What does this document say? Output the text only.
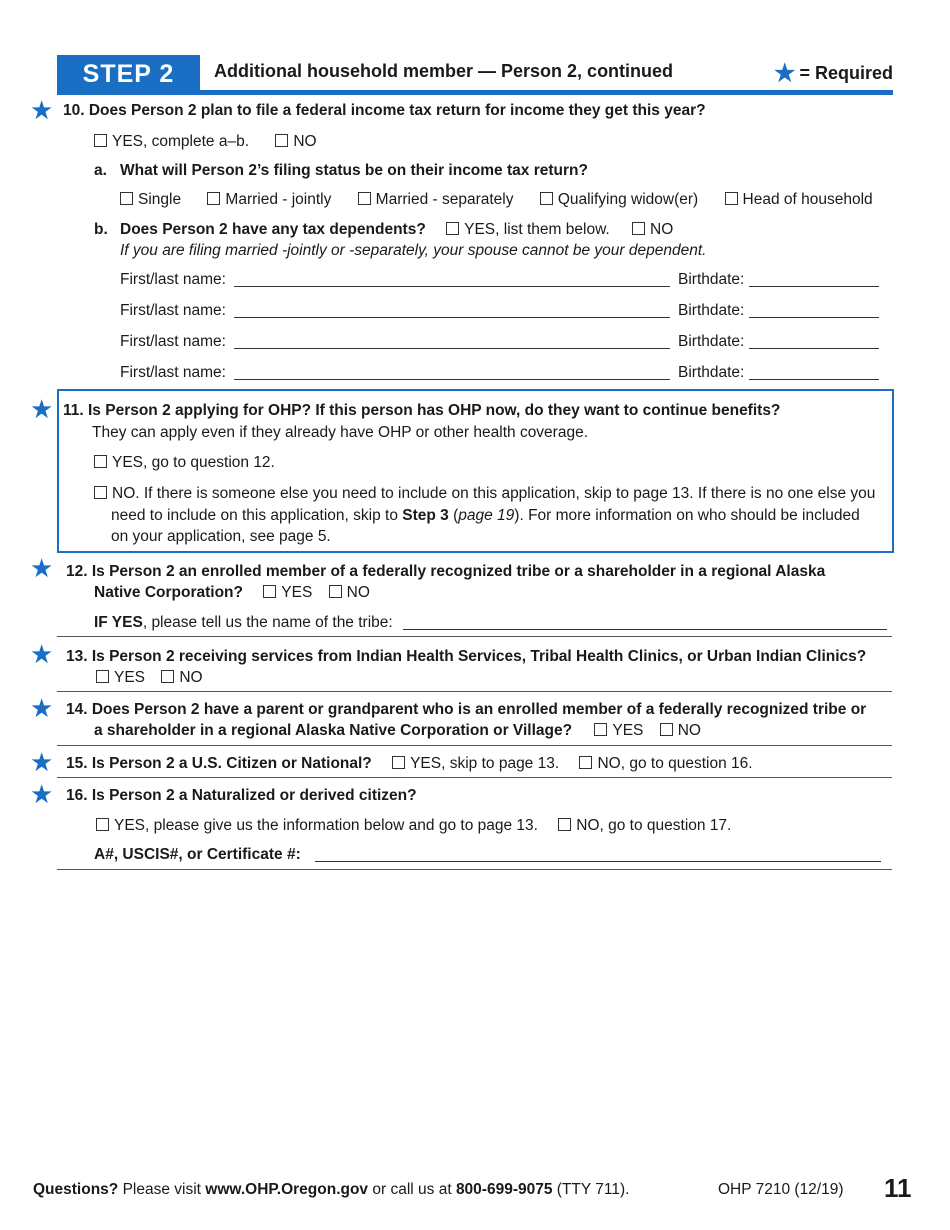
STEP 2	Additional household member — Person 2, continued	★ = Required
★ 10. Does Person 2 plan to file a federal income tax return for income they get this year?
YES, complete a–b.	NO
a. What will Person 2’s filing status be on their income tax return?
Single	Married - jointly	Married - separately	Qualifying widow(er)	Head of household
b. Does Person 2 have any tax dependents? YES, list them below.	NO
If you are filing married -jointly or -separately, your spouse cannot be your dependent.
First/last name:	Birthdate:
First/last name:	Birthdate:
First/last name:	Birthdate:
First/last name:	Birthdate:
★ 11. Is Person 2 applying for OHP? If this person has OHP now, do they want to continue benefits?
They can apply even if they already have OHP or other health coverage.
YES, go to question 12.
NO. If there is someone else you need to include on this application, skip to page 13. If there is no one else you
need to include on this application, skip to Step 3 (page 19). For more information on who should be included
on your application, see page 5.
★ 12. Is Person 2 an enrolled member of a federally recognized tribe or a shareholder in a regional Alaska
Native Corporation? YES NO
IF YES, please tell us the name of the tribe:
★ 13. Is Person 2 receiving services from Indian Health Services, Tribal Health Clinics, or Urban Indian Clinics?
YES NO
★ 14. Does Person 2 have a parent or grandparent who is an enrolled member of a federally recognized tribe or
a shareholder in a regional Alaska Native Corporation or Village?	YES NO
★ 15. Is Person 2 a U.S. Citizen or National? YES, skip to page 13. NO, go to question 16.
★ 16. Is Person 2 a Naturalized or derived citizen?
YES, please give us the information below and go to page 13. NO, go to question 17.
A#, USCIS#, or Certificate #:
Questions? Please visit www.OHP.Oregon.gov or call us at 800-699-9075 (TTY 711).	OHP 7210 (12/19) 11
